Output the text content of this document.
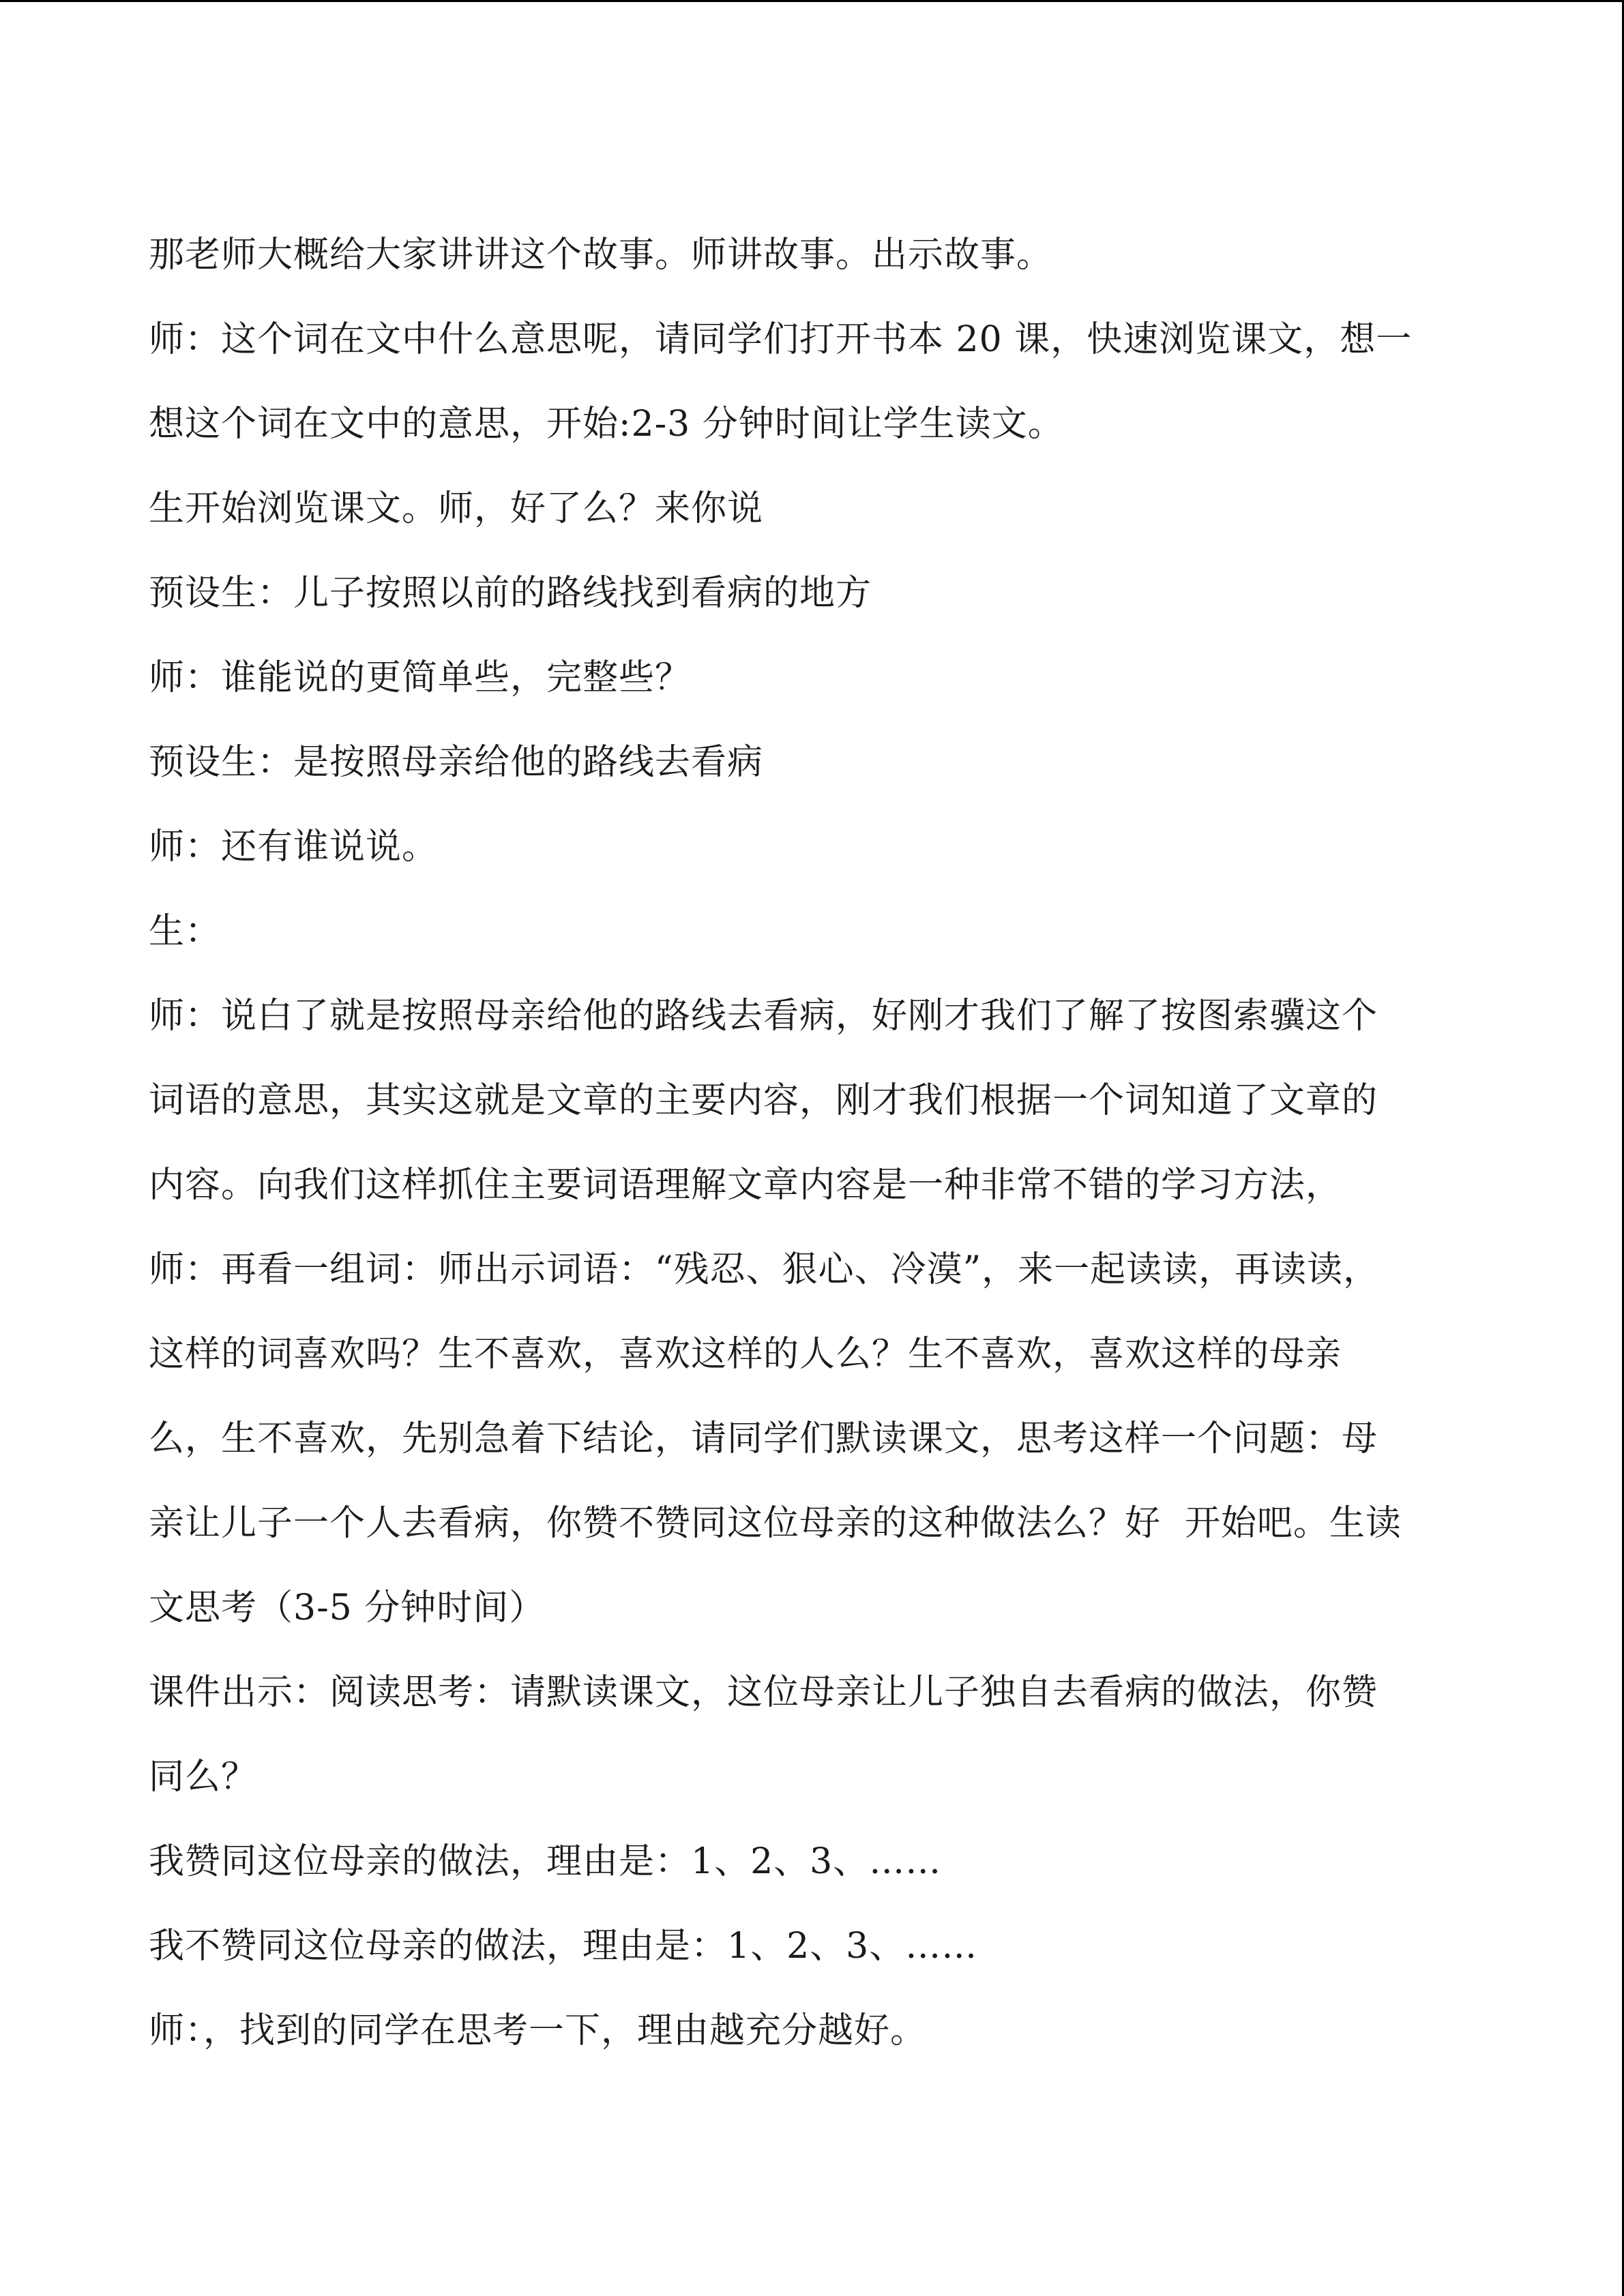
那老师大概给大家讲讲这个故事。师讲故事。出示故事。
师：这个词在文中什么意思呢，请同学们打开书本 20 课，快速浏览课文，想一
想这个词在文中的意思，开始:2-3 分钟时间让学生读文。
生开始浏览课文。师，好了么？来你说
预设生：儿子按照以前的路线找到看病的地方
师：谁能说的更简单些，完整些？
预设生：是按照母亲给他的路线去看病
师：还有谁说说。
生：
师：说白了就是按照母亲给他的路线去看病，好刚才我们了解了按图索骥这个
词语的意思，其实这就是文章的主要内容，刚才我们根据一个词知道了文章的
内容。向我们这样抓住主要词语理解文章内容是一种非常不错的学习方法，
师：再看一组词：师出示词语：“残忍、狠心、冷漠”，来一起读读，再读读，
这样的词喜欢吗？生不喜欢，喜欢这样的人么？生不喜欢，喜欢这样的母亲
么，生不喜欢，先别急着下结论，请同学们默读课文，思考这样一个问题：母
亲让儿子一个人去看病，你赞不赞同这位母亲的这种做法么？好  开始吧。生读
文思考（3-5 分钟时间）
课件出示：阅读思考：请默读课文，这位母亲让儿子独自去看病的做法，你赞
同么？
我赞同这位母亲的做法，理由是：1、2、3、……
我不赞同这位母亲的做法，理由是：1、2、3、……
师：，找到的同学在思考一下，理由越充分越好。
